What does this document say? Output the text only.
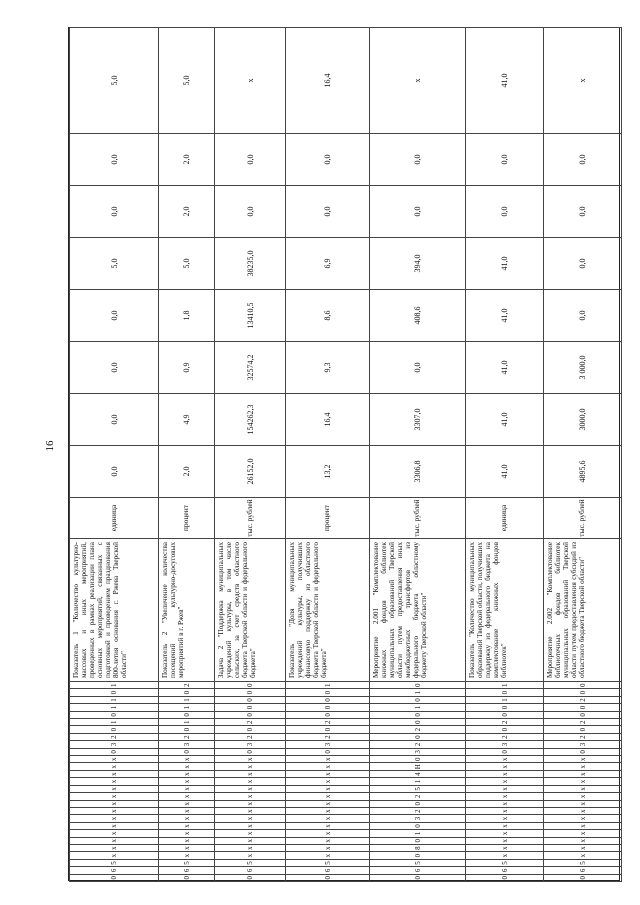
16
0	6	5	x	x	x	x	x	x	x	x	x	x	x	x	x	x	0	3	2	0	1	0	1	1	0	1	Показатель 1 "Количество культурно-массовых и иных мероприятий, проведенных в рамках реализации плана основных мероприятий, связанных с подготовкой и проведением празднования 800-летия основания г. Ржева Тверской области"	единица	0,0	0,0	0,0	0,0	5,0	0,0	0,0	5,0
0	6	5	x	x	x	x	x	x	x	x	x	x	x	x	x	x	0	3	2	0	1	0	1	1	0	2	Показатель 2 "Увеличение количества посещений культурно-досуговых мероприятий в г. Ржев"	процент	2,0	4,9	0,9	1,8	5,0	2,0	2,0	5,0
0	6	5	x	x	x	x	x	x	x	x	x	x	x	x	x	x	0	3	2	0	2	0	0	0	0	0	Задача 2 "Поддержка муниципальных учреждений культуры, в том числе сельских, за счет средств областного бюджета Тверской области и федерального бюджета"	тыс. рублей	26152,0	154262,3	32574,2	13410,5	38235,0	0,0	0,0	x
0	6	5	x	x	x	x	x	x	x	x	x	x	x	x	x	x	0	3	2	0	2	0	0	0	0	1	Показатель "Доля муниципальных учреждений культуры, получивших финансовую поддержку из областного бюджета Тверской области и федерального бюджета"	процент	13,2	16,4	9,3	8,6	6,9	0,0	0,0	16,4
0	6	5	0	8	0	1	0	3	2	0	2	5	1	4	Н	0	3	2	0	2	0	0	1	0	1	0	Мероприятие 2.001 "Комплектование книжных фондов библиотек муниципальных образований Тверской области путем предоставления иных межбюджетных трансфертов из федерального бюджета областному бюджету Тверской области"	тыс. рублей	3306,8	3307,0	0,0	408,6	394,0	0,0	0,0	x
0	6	5	x	x	x	x	x	x	x	x	x	x	x	x	x	x	0	3	2	0	2	0	0	1	0	1	Показатель "Количество муниципальных образований Тверской области, получивших поддержку из федерального бюджета на комплектование книжных фондов библиотек"	единица	41,0	41,0	41,0	41,0	41,0	0,0	0,0	41,0
0	6	5	x	x	x	x	x	x	x	x	x	x	x	x	x	x	0	3	2	0	2	0	0	2	0	0	Мероприятие 2.002 "Комплектование библиотечных фондов библиотек муниципальных образований Тверской области путем предоставления субсидий из областного бюджета Тверской области"	тыс. рублей	4895,6	3000,0	3 000,0	0,0	0,0	0,0	0,0	x
